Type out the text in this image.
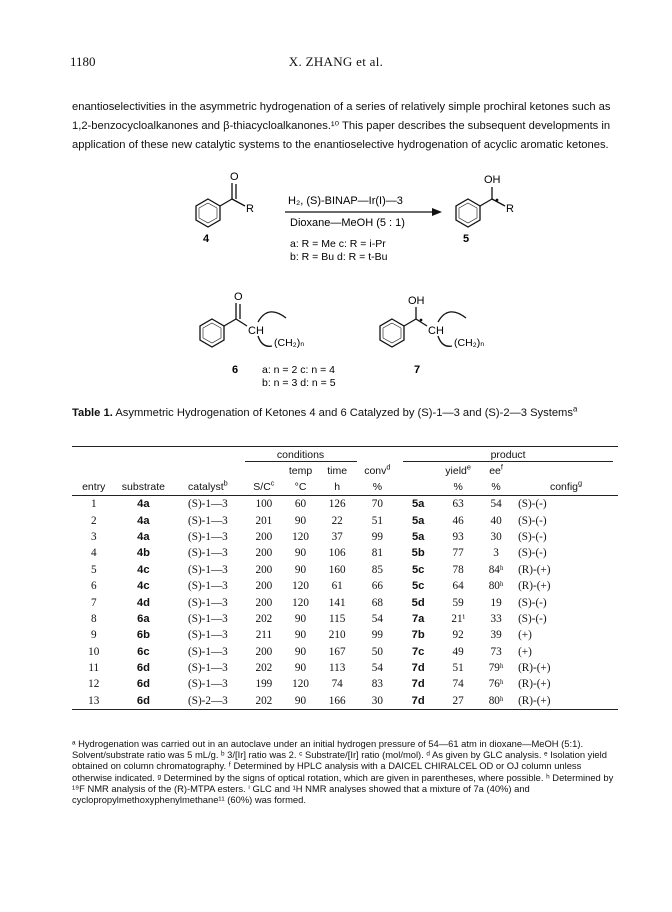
1180	X. ZHANG et al.
enantioselectivities in the asymmetric hydrogenation of a series of relatively simple prochiral ketones such as
1,2-benzocycloalkanones and β-thiacycloalkanones.¹⁰ This paper describes the subsequent developments in
application of these new catalytic systems to the enantioselective hydrogenation of acyclic aromatic ketones.
O
R
OH
R
H₂, (S)-BINAP—Ir(I)—3
Dioxane—MeOH (5 : 1)
4	5
a: R = Me c: R = i-Pr
b: R = Bu d: R = t-Bu
O
CH
(CH₂)ₙ
OH
CH
(CH₂)ₙ
6	7
a: n = 2 c: n = 4
b: n = 3 d: n = 5
Table 1. Asymmetric Hydrogenation of Ketones 4 and 6 Catalyzed by (S)-1—3 and (S)-2—3 Systems$^a$
			conditions				product			
				temp	time	conv$^d$		yield$^e$	$ee^f$	
entry	substrate	catalyst$^b$	$S/C^c$	°C	h	%		%	%	config$^g$
1	4a	(S)-1—3	100	60	126	70	5a	63	54	(S)-(-)
2	4a	(S)-1—3	201	90	22	51	5a	46	40	(S)-(-)
3	4a	(S)-1—3	200	120	37	99	5a	93	30	(S)-(-)
4	4b	(S)-1—3	200	90	106	81	5b	77	3	(S)-(-)
5	4c	(S)-1—3	200	90	160	85	5c	78	84ʰ	(R)-(+)
6	4c	(S)-1—3	200	120	61	66	5c	64	80ʰ	(R)-(+)
7	4d	(S)-1—3	200	120	141	68	5d	59	19	(S)-(-)
8	6a	(S)-1—3	202	90	115	54	7a	21ⁱ	33	(S)-(-)
9	6b	(S)-1—3	211	90	210	99	7b	92	39	(+)
10	6c	(S)-1—3	200	90	167	50	7c	49	73	(+)
11	6d	(S)-1—3	202	90	113	54	7d	51	79ʰ	(R)-(+)
12	6d	(S)-1—3	199	120	74	83	7d	74	76ʰ	(R)-(+)
13	6d	(S)-2—3	202	90	166	30	7d	27	80ʰ	(R)-(+)
ᵃ Hydrogenation was carried out in an autoclave under an initial hydrogen pressure of 54—61 atm in dioxane—MeOH (5:1). Solvent/substrate ratio was 5 mL/g. ᵇ 3/[Ir] ratio was 2. ᶜ Substrate/[Ir] ratio (mol/mol). ᵈ As given by GLC analysis. ᵉ Isolation yield obtained on column chromatography. ᶠ Determined by HPLC analysis with a DAICEL CHIRALCEL OD or OJ column unless otherwise indicated. ᵍ Determined by the signs of optical rotation, which are given in parentheses, where possible. ʰ Determined by ¹⁹F NMR analysis of the (R)-MTPA esters. ⁱ GLC and ¹H NMR analyses showed that a mixture of 7a (40%) and cyclopropylmethoxyphenylmethane¹¹ (60%) was formed.
